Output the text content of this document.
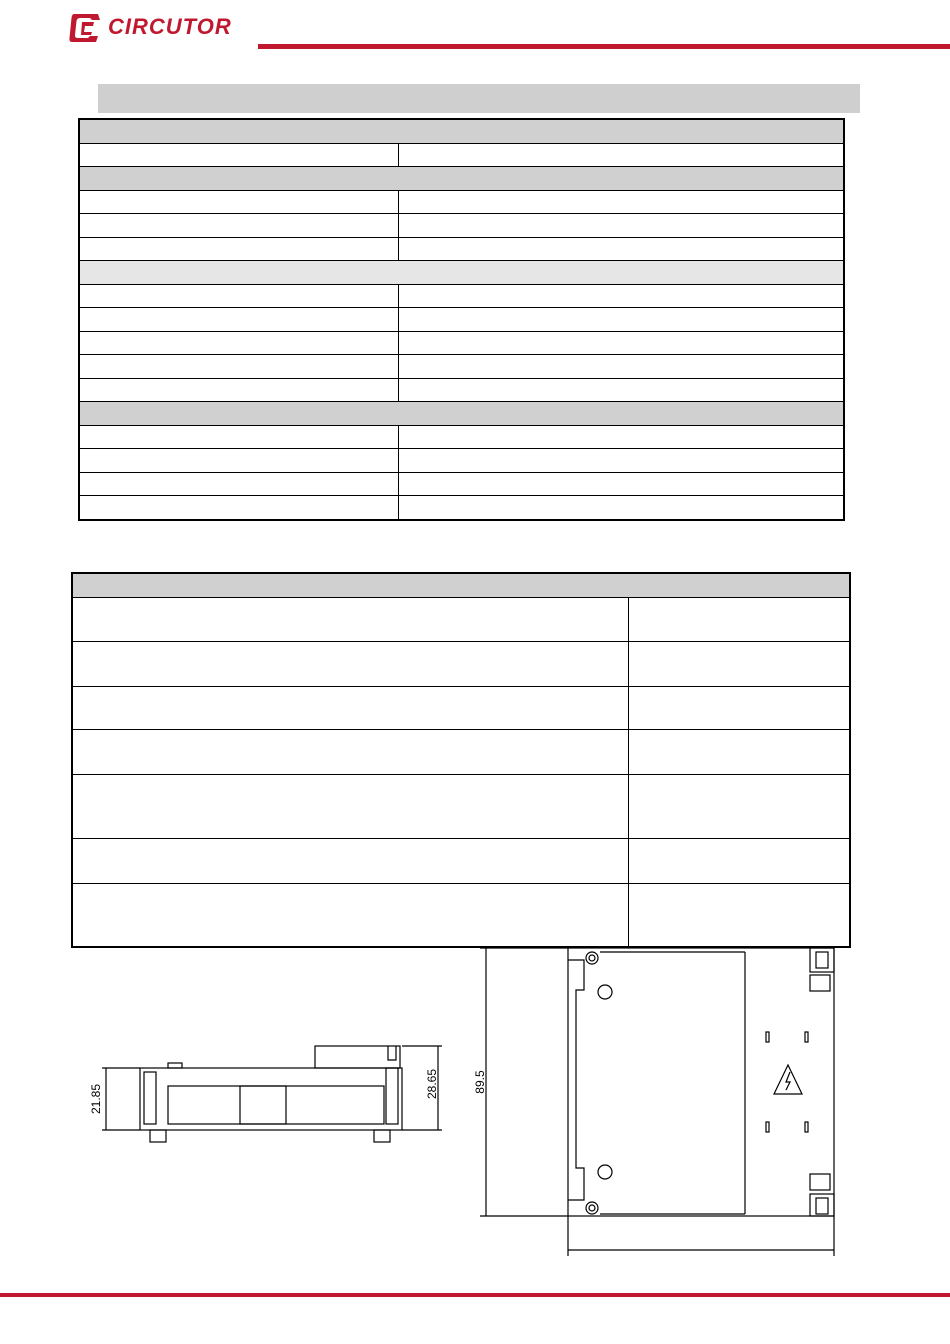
CIRCUTOR

21.85	28.65	89.5
